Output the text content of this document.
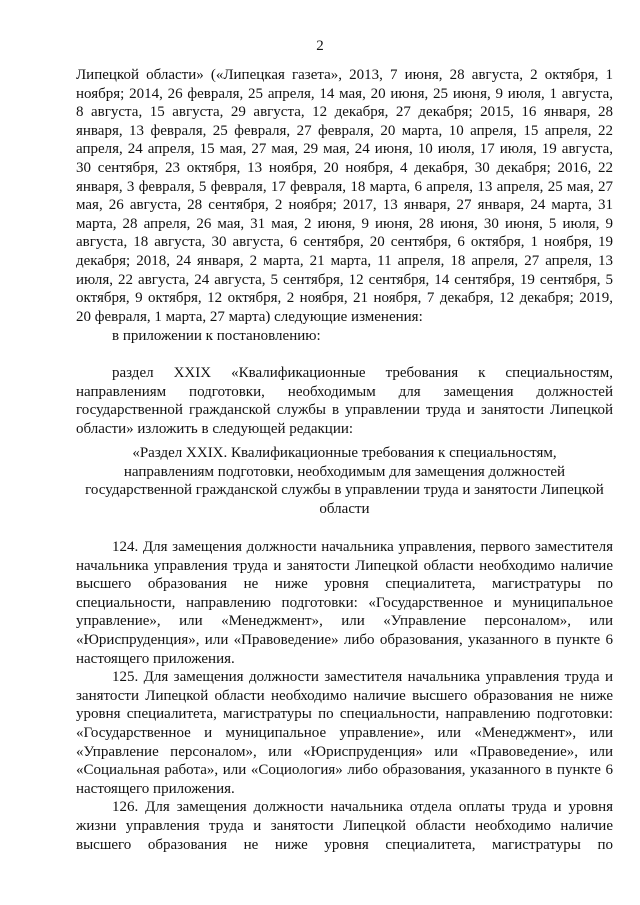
2
Липецкой области» («Липецкая газета», 2013, 7 июня, 28 августа, 2 октября, 1
ноября; 2014, 26 февраля, 25 апреля, 14 мая, 20 июня, 25 июня, 9 июля, 1 августа,
8 августа, 15 августа, 29 августа, 12 декабря, 27 декабря; 2015, 16 января, 28
января, 13 февраля, 25 февраля, 27 февраля, 20 марта, 10 апреля, 15 апреля, 22
апреля, 24 апреля, 15 мая, 27 мая, 29 мая, 24 июня, 10 июля, 17 июля, 19 августа,
30 сентября, 23 октября, 13 ноября, 20 ноября, 4 декабря, 30 декабря; 2016, 22
января, 3 февраля, 5 февраля, 17 февраля, 18 марта, 6 апреля, 13 апреля, 25 мая, 27
мая, 26 августа, 28 сентября, 2 ноября; 2017, 13 января, 27 января, 24 марта, 31
марта, 28 апреля, 26 мая, 31 мая, 2 июня, 9 июня, 28 июня, 30 июня, 5 июля, 9
августа, 18 августа, 30 августа, 6 сентября, 20 сентября, 6 октября, 1 ноября, 19
декабря; 2018, 24 января, 2 марта, 21 марта, 11 апреля, 18 апреля, 27 апреля, 13
июля, 22 августа, 24 августа, 5 сентября, 12 сентября, 14 сентября, 19 сентября, 5
октября, 9 октября, 12 октября, 2 ноября, 21 ноября, 7 декабря, 12 декабря; 2019,
20 февраля, 1 марта, 27 марта) следующие изменения:
в приложении к постановлению:
раздел XXIX «Квалификационные требования к специальностям,
направлениям подготовки, необходимым для замещения должностей
государственной гражданской службы в управлении труда и занятости Липецкой
области» изложить в следующей редакции:
«Раздел XXIX. Квалификационные требования к специальностям,
направлениям подготовки, необходимым для замещения должностей
государственной гражданской службы в управлении труда и занятости Липецкой
области
124. Для замещения должности начальника управления, первого заместителя
начальника управления труда и занятости Липецкой области необходимо наличие
высшего образования не ниже уровня специалитета, магистратуры по
специальности, направлению подготовки: «Государственное и муниципальное
управление», или «Менеджмент», или «Управление персоналом», или
«Юриспруденция», или «Правоведение» либо образования, указанного в пункте 6
настоящего приложения.
125. Для замещения должности заместителя начальника управления труда и
занятости Липецкой области необходимо наличие высшего образования не ниже
уровня специалитета, магистратуры по специальности, направлению подготовки:
«Государственное и муниципальное управление», или «Менеджмент», или
«Управление персоналом», или «Юриспруденция» или «Правоведение», или
«Социальная работа», или «Социология» либо образования, указанного в пункте 6
настоящего приложения.
126. Для замещения должности начальника отдела оплаты труда и уровня
жизни управления труда и занятости Липецкой области необходимо наличие
высшего образования не ниже уровня специалитета, магистратуры по
